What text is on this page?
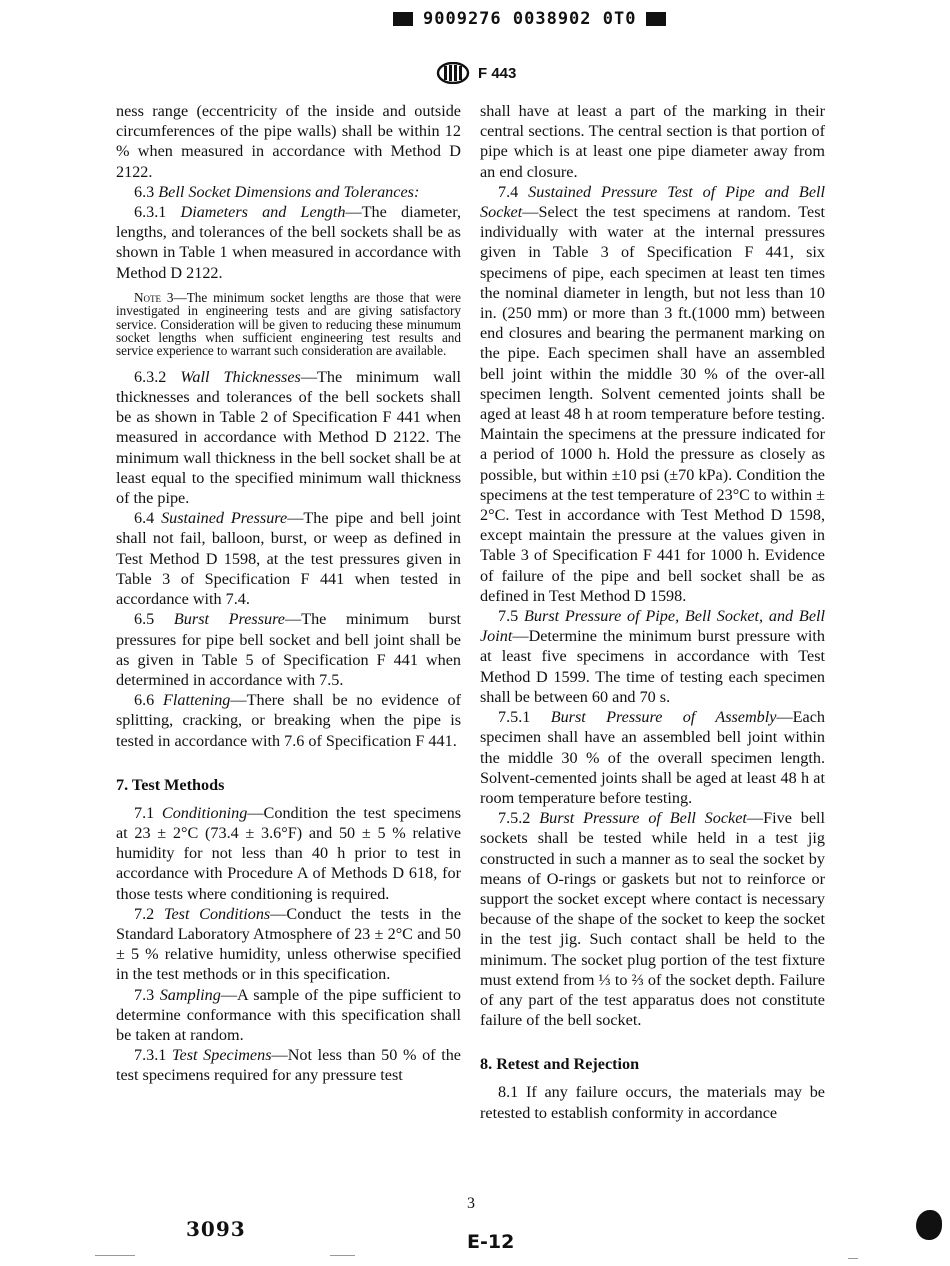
9009276 0038902 0T0
F 443

ness range (eccentricity of the inside and outside circumferences of the pipe walls) shall be within 12 % when measured in accordance with Method D 2122.

6.3 Bell Socket Dimensions and Tolerances:

6.3.1 Diameters and Length—The diameter, lengths, and tolerances of the bell sockets shall be as shown in Table 1 when measured in accordance with Method D 2122.

Note 3—The minimum socket lengths are those that were investigated in engineering tests and are giving satisfactory service. Consideration will be given to reducing these minumum socket lengths when sufficient engineering test results and service experience to warrant such consideration are available.

6.3.2 Wall Thicknesses—The minimum wall thicknesses and tolerances of the bell sockets shall be as shown in Table 2 of Specification F 441 when measured in accordance with Method D 2122. The minimum wall thickness in the bell socket shall be at least equal to the specified minimum wall thickness of the pipe.

6.4 Sustained Pressure—The pipe and bell joint shall not fail, balloon, burst, or weep as defined in Test Method D 1598, at the test pressures given in Table 3 of Specification F 441 when tested in accordance with 7.4.

6.5 Burst Pressure—The minimum burst pressures for pipe bell socket and bell joint shall be as given in Table 5 of Specification F 441 when determined in accordance with 7.5.

6.6 Flattening—There shall be no evidence of splitting, cracking, or breaking when the pipe is tested in accordance with 7.6 of Specification F 441.

7. Test Methods

7.1 Conditioning—Condition the test specimens at 23 ± 2°C (73.4 ± 3.6°F) and 50 ± 5 % relative humidity for not less than 40 h prior to test in accordance with Procedure A of Methods D 618, for those tests where conditioning is required.

7.2 Test Conditions—Conduct the tests in the Standard Laboratory Atmosphere of 23 ± 2°C and 50 ± 5 % relative humidity, unless otherwise specified in the test methods or in this specification.

7.3 Sampling—A sample of the pipe sufficient to determine conformance with this specification shall be taken at random.

7.3.1 Test Specimens—Not less than 50 % of the test specimens required for any pressure test

shall have at least a part of the marking in their central sections. The central section is that portion of pipe which is at least one pipe diameter away from an end closure.

7.4 Sustained Pressure Test of Pipe and Bell Socket—Select the test specimens at random. Test individually with water at the internal pressures given in Table 3 of Specification F 441, six specimens of pipe, each specimen at least ten times the nominal diameter in length, but not less than 10 in. (250 mm) or more than 3 ft.(1000 mm) between end closures and bearing the permanent marking on the pipe. Each specimen shall have an assembled bell joint within the middle 30 % of the over-all specimen length. Solvent cemented joints shall be aged at least 48 h at room temperature before testing. Maintain the specimens at the pressure indicated for a period of 1000 h. Hold the pressure as closely as possible, but within ±10 psi (±70 kPa). Condition the specimens at the test temperature of 23°C to within ± 2°C. Test in accordance with Test Method D 1598, except maintain the pressure at the values given in Table 3 of Specification F 441 for 1000 h. Evidence of failure of the pipe and bell socket shall be as defined in Test Method D 1598.

7.5 Burst Pressure of Pipe, Bell Socket, and Bell Joint—Determine the minimum burst pressure with at least five specimens in accordance with Test Method D 1599. The time of testing each specimen shall be between 60 and 70 s.

7.5.1 Burst Pressure of Assembly—Each specimen shall have an assembled bell joint within the middle 30 % of the overall specimen length. Solvent-cemented joints shall be aged at least 48 h at room temperature before testing.

7.5.2 Burst Pressure of Bell Socket—Five bell sockets shall be tested while held in a test jig constructed in such a manner as to seal the socket by means of O-rings or gaskets but not to reinforce or support the socket except where contact is necessary because of the shape of the socket to keep the socket in the test jig. Such contact shall be held to the minimum. The socket plug portion of the test fixture must extend from ⅓ to ⅔ of the socket depth. Failure of any part of the test apparatus does not constitute failure of the bell socket.

8. Retest and Rejection

8.1 If any failure occurs, the materials may be retested to establish conformity in accordance

3
3093
E-12
